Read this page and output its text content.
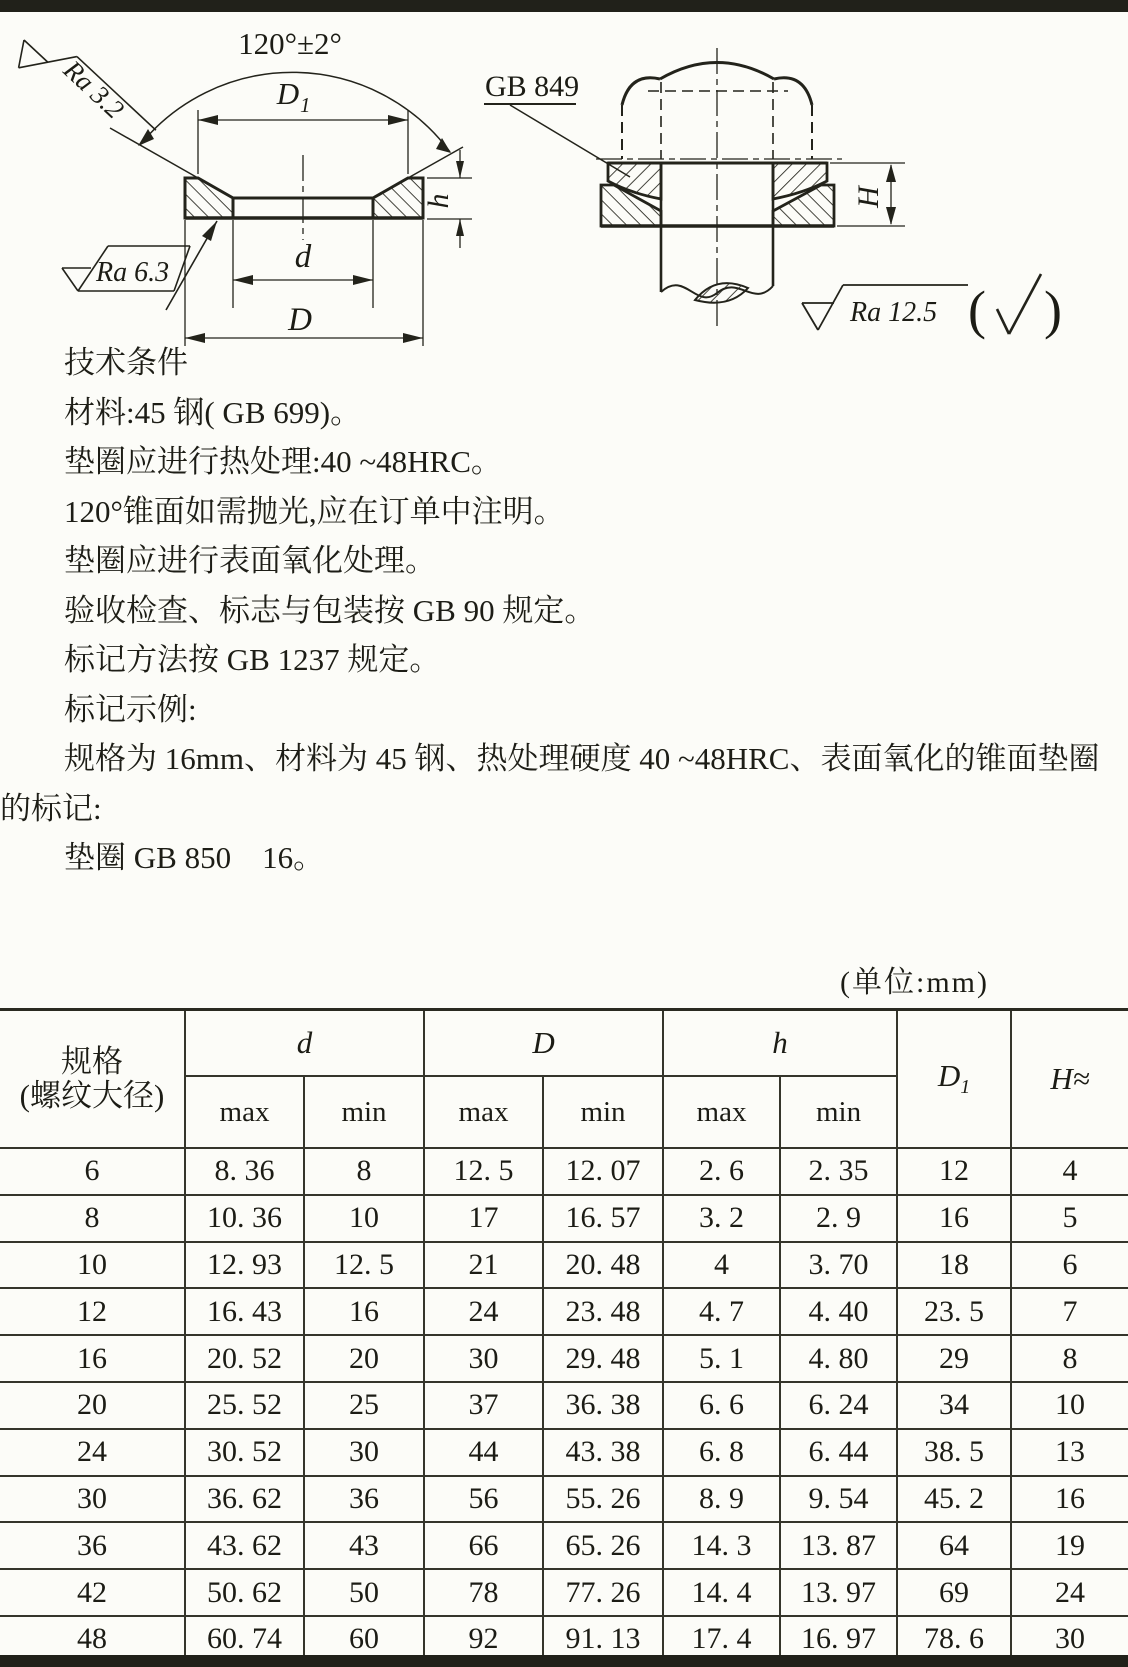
120°±2°
D 1
d
D
h
Ra 3.2
Ra 6.3
GB 849
H
Ra 12.5 ( )
技术条件
材料:45 钢( GB 699)。
垫圈应进行热处理:40 ~48HRC。
120°锥面如需抛光,应在订单中注明。
垫圈应进行表面氧化处理。
验收检查、标志与包装按 GB 90 规定。
标记方法按 GB 1237 规定。
标记示例:
规格为 16mm、材料为 45 钢、热处理硬度 40 ~48HRC、表面氧化的锥面垫圈
的标记:
垫圈 GB 850　16。
(单位:mm)
规格
(螺纹大径)	d		D		h		$D_1$	H≈
	max	min	max	min	max	min		
6	8. 36	8	12. 5	12. 07	2. 6	2. 35	12	4
8	10. 36	10	17	16. 57	3. 2	2. 9	16	5
10	12. 93	12. 5	21	20. 48	4	3. 70	18	6
12	16. 43	16	24	23. 48	4. 7	4. 40	23. 5	7
16	20. 52	20	30	29. 48	5. 1	4. 80	29	8
20	25. 52	25	37	36. 38	6. 6	6. 24	34	10
24	30. 52	30	44	43. 38	6. 8	6. 44	38. 5	13
30	36. 62	36	56	55. 26	8. 9	9. 54	45. 2	16
36	43. 62	43	66	65. 26	14. 3	13. 87	64	19
42	50. 62	50	78	77. 26	14. 4	13. 97	69	24
48	60. 74	60	92	91. 13	17. 4	16. 97	78. 6	30
